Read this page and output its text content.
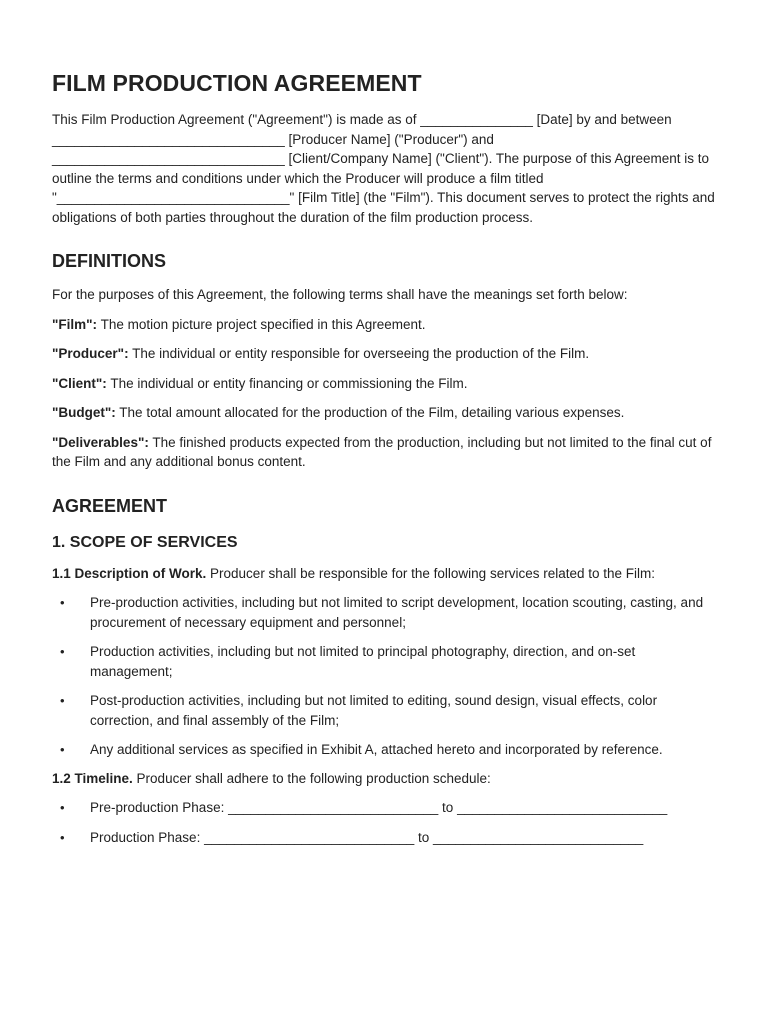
FILM PRODUCTION AGREEMENT

This Film Production Agreement ("Agreement") is made as of _______________ [Date] by and between _______________________________ [Producer Name] ("Producer") and _______________________________ [Client/Company Name] ("Client"). The purpose of this Agreement is to outline the terms and conditions under which the Producer will produce a film titled "_______________________________" [Film Title] (the "Film"). This document serves to protect the rights and obligations of both parties throughout the duration of the film production process.

DEFINITIONS

For the purposes of this Agreement, the following terms shall have the meanings set forth below:

"Film": The motion picture project specified in this Agreement.

"Producer": The individual or entity responsible for overseeing the production of the Film.

"Client": The individual or entity financing or commissioning the Film.

"Budget": The total amount allocated for the production of the Film, detailing various expenses.

"Deliverables": The finished products expected from the production, including but not limited to the final cut of the Film and any additional bonus content.

AGREEMENT
1. SCOPE OF SERVICES

1.1 Description of Work. Producer shall be responsible for the following services related to the Film:

• Pre-production activities, including but not limited to script development, location scouting, casting, and procurement of necessary equipment and personnel;
• Production activities, including but not limited to principal photography, direction, and on-set management;
• Post-production activities, including but not limited to editing, sound design, visual effects, color correction, and final assembly of the Film;
• Any additional services as specified in Exhibit A, attached hereto and incorporated by reference.

1.2 Timeline. Producer shall adhere to the following production schedule:

• Pre-production Phase: ____________________________ to ____________________________
• Production Phase: ____________________________ to ____________________________
